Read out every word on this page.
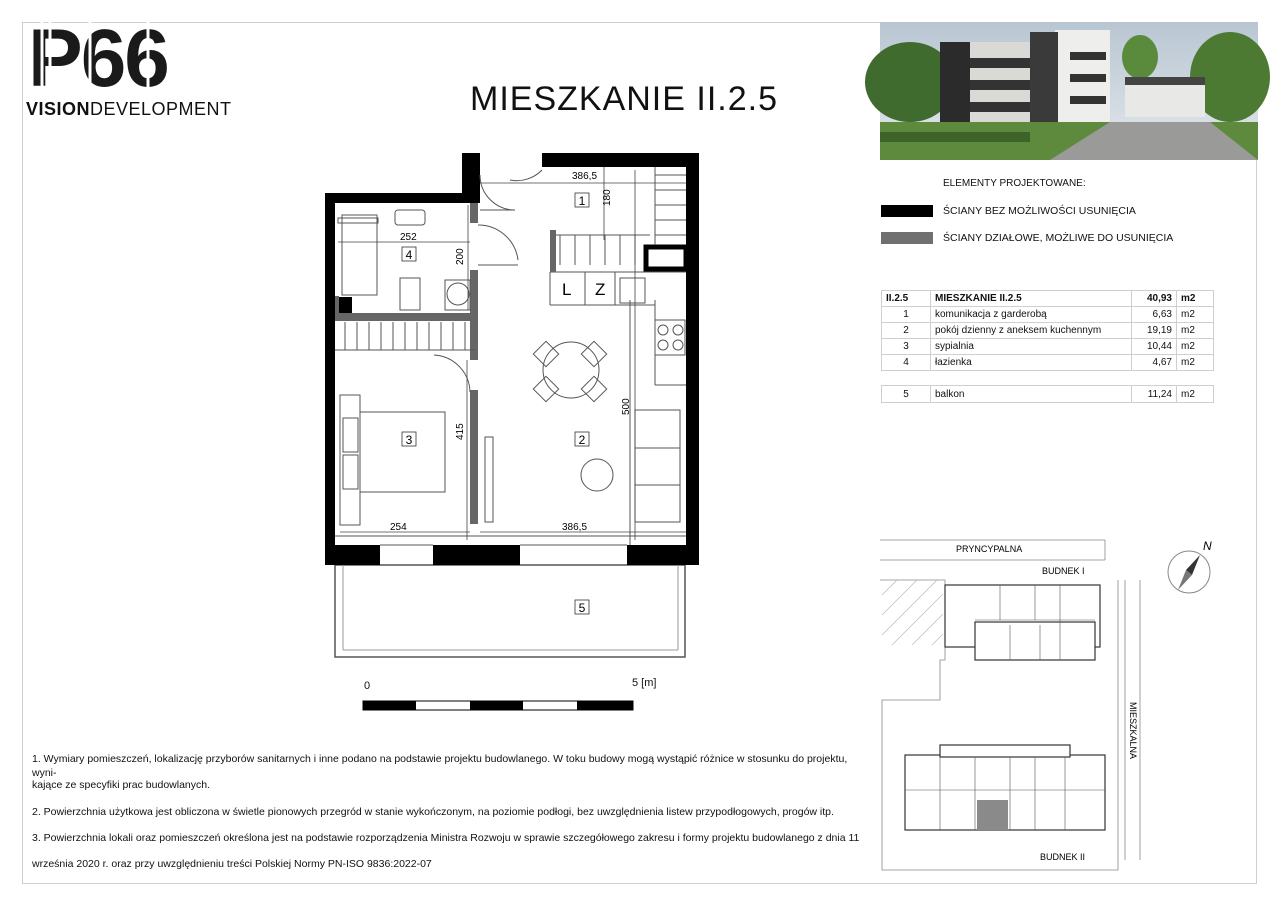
P66
VISIONDEVELOPMENT	MIESZKANIE II.2.5
ELEMENTY PROJEKTOWANE:
ŚCIANY BEZ MOŻLIWOŚCI USUNIĘCIA
ŚCIANY DZIAŁOWE, MOŻLIWE DO USUNIĘCIA
II.2.5	MIESZKANIE II.2.5	40,93	m2
1	komunikacja z garderobą	6,63	m2
2	pokój dzienny z aneksem kuchennym	19,19	m2
3	sypialnia	10,44	m2
4	łazienka	4,67	m2
5	balkon	11,24	m2
386,5
180
252
200
500
415
254	386,5
1
2
3
4
5
L Z
0	5 [m]
PRYNCYPALNA
BUDNEK I
BUDNEK II
MIESZKALNA
N
1. Wymiary pomieszczeń, lokalizację przyborów sanitarnych i inne podano na podstawie projektu budowlanego. W toku budowy mogą wystąpić różnice w stosunku do projektu, wyni-
kające ze specyfiki prac budowlanych.
2. Powierzchnia użytkowa jest obliczona w świetle pionowych przegród w stanie wykończonym, na poziomie podłogi, bez uwzględnienia listew przypodłogowych, progów itp.
3. Powierzchnia lokali oraz pomieszczeń określona jest na podstawie rozporządzenia Ministra Rozwoju w sprawie szczegółowego zakresu i formy projektu budowlanego z dnia 11
września 2020 r. oraz przy uwzględnieniu treści Polskiej Normy PN-ISO 9836:2022-07
